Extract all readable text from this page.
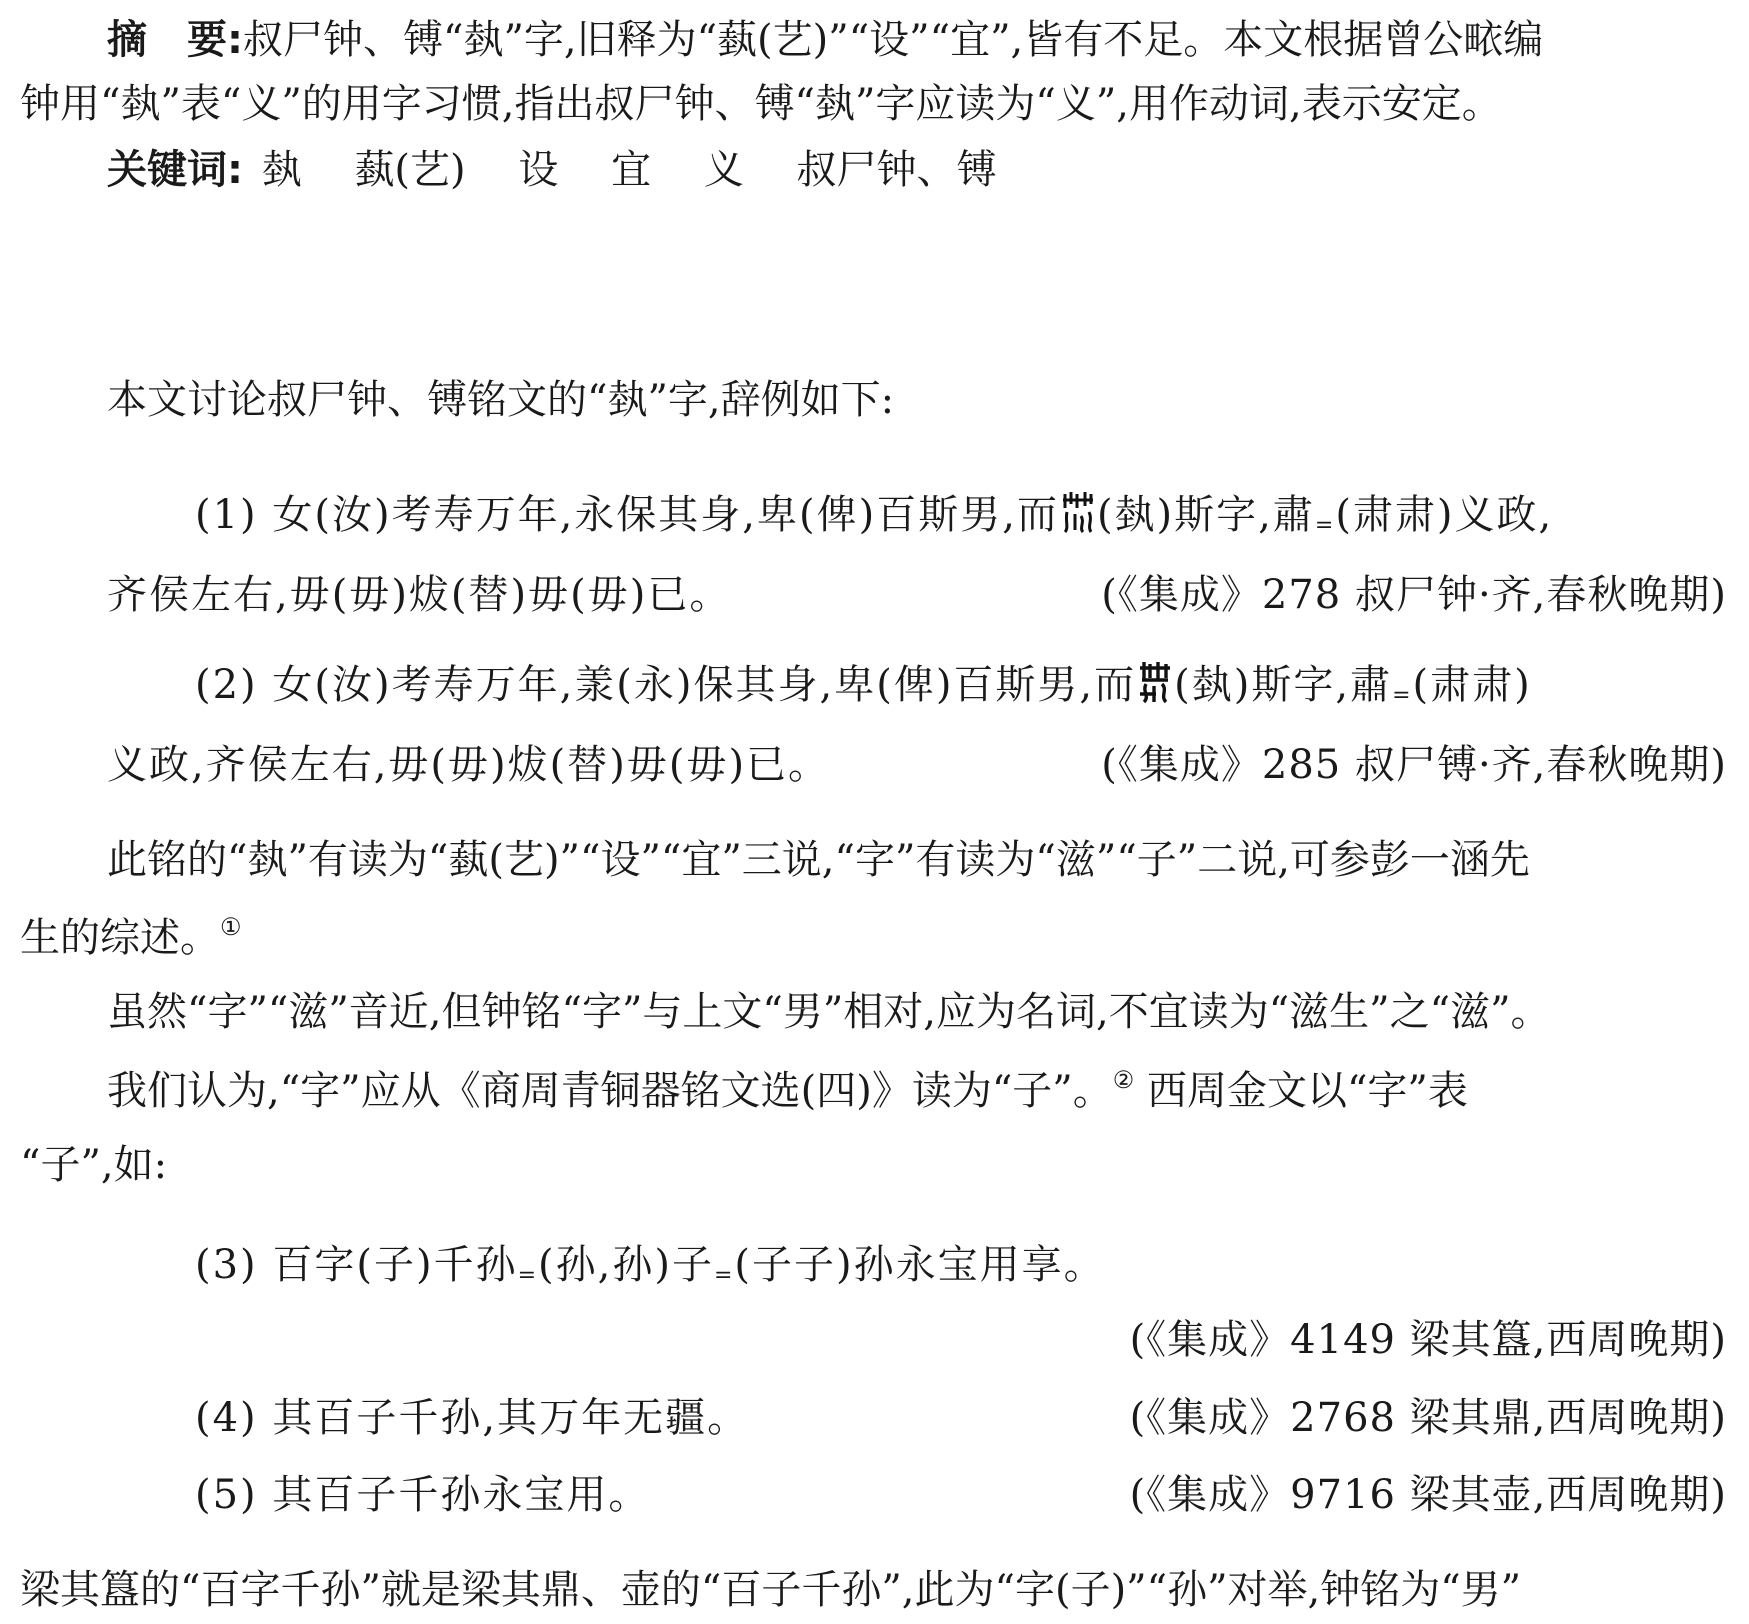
摘　要:叔尸钟、镈“埶”字,旧释为“蓺(艺)”“设”“宜”,皆有不足。本文根据曾公畩编
钟用“埶”表“义”的用字习惯,指出叔尸钟、镈“埶”字应读为“义”,用作动词,表示安定。
关键词: 埶 蓺(艺) 设 宜 义 叔尸钟、镈
本文讨论叔尸钟、镈铭文的“埶”字,辞例如下:
(1) 女(汝)考寿万年,永保其身,卑(俾)百斯男,而 (埶)斯字,肅=(肃肃)义政,
齐侯左右,毋(毋)炦(替)毋(毋)已。	(《集成》278 叔尸钟·齐,春秋晚期)
(2) 女(汝)考寿万年,羕(永)保其身,卑(俾)百斯男,而 (埶)斯字,肅=(肃肃)
义政,齐侯左右,毋(毋)炦(替)毋(毋)已。	(《集成》285 叔尸镈·齐,春秋晚期)
此铭的“埶”有读为“蓺(艺)”“设”“宜”三说,“字”有读为“滋”“子”二说,可参彭一涵先
生的综述。①
虽然“字”“滋”音近,但钟铭“字”与上文“男”相对,应为名词,不宜读为“滋生”之“滋”。
我们认为,“字”应从《商周青铜器铭文选(四)》读为“子”。② 西周金文以“字”表
“子”,如:
(3) 百字(子)千孙=(孙,孙)子=(子子)孙永宝用享。
(《集成》4149 梁其簋,西周晚期)
(4) 其百子千孙,其万年无疆。	(《集成》2768 梁其鼎,西周晚期)
(5) 其百子千孙永宝用。	(《集成》9716 梁其壶,西周晚期)
梁其簋的“百字千孙”就是梁其鼎、壶的“百子千孙”,此为“字(子)”“孙”对举,钟铭为“男”
